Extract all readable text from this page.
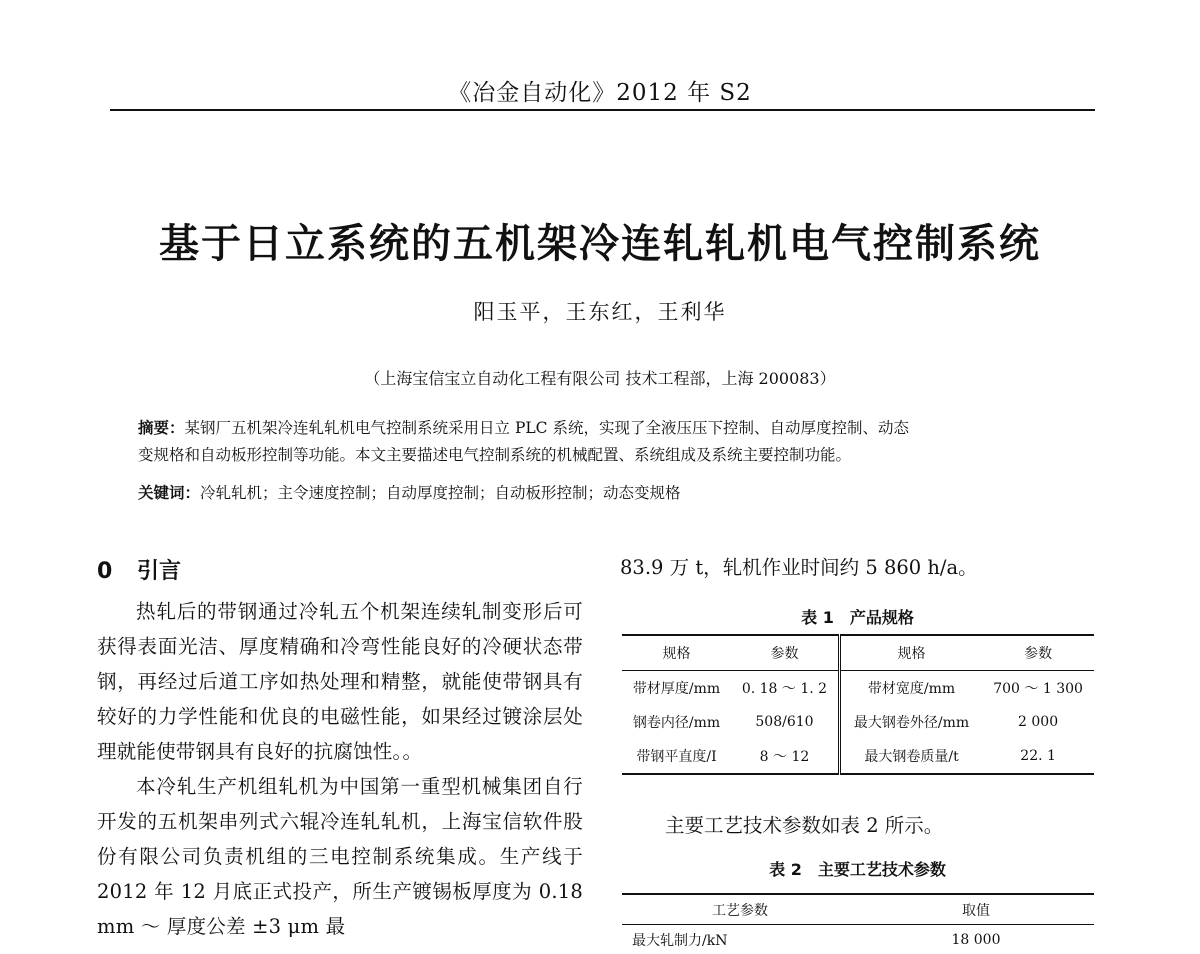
《冶金自动化》2012 年 S2
基于日立系统的五机架冷连轧轧机电气控制系统
阳玉平，王东红，王利华
（上海宝信宝立自动化工程有限公司 技术工程部，上海 200083）
摘要：某钢厂五机架冷连轧轧机电气控制系统采用日立 PLC 系统，实现了全液压压下控制、自动厚度控制、动态
变规格和自动板形控制等功能。本文主要描述电气控制系统的机械配置、系统组成及系统主要控制功能。
关键词：冷轧轧机；主令速度控制；自动厚度控制；自动板形控制；动态变规格
0 引言

热轧后的带钢通过冷轧五个机架连续轧制变形后可获得表面光洁、厚度精确和冷弯性能良好的冷硬状态带钢，再经过后道工序如热处理和精整，就能使带钢具有较好的力学性能和优良的电磁性能，如果经过镀涂层处理就能使带钢具有良好的抗腐蚀性。。

本冷轧生产机组轧机为中国第一重型机械集团自行开发的五机架串列式六辊冷连轧轧机，上海宝信软件股份有限公司负责机组的三电控制系统集成。生产线于 2012 年 12 月底正式投产，所生产镀锡板厚度为 0.18 mm ～ 厚度公差 ±3 μm 最

83.9 万 t，轧机作业时间约 5 860 h/a。
表 1　产品规格
规格	参数	规格	参数
带材厚度/mm	0. 18 ～ 1. 2	带材宽度/mm	700 ～ 1 300
钢卷内径/mm	508/610	最大钢卷外径/mm	2 000
带钢平直度/I	8 ～ 12	最大钢卷质量/t	22. 1
主要工艺技术参数如表 2 所示。
表 2　主要工艺技术参数
工艺参数	取值
最大轧制力/kN	18 000
